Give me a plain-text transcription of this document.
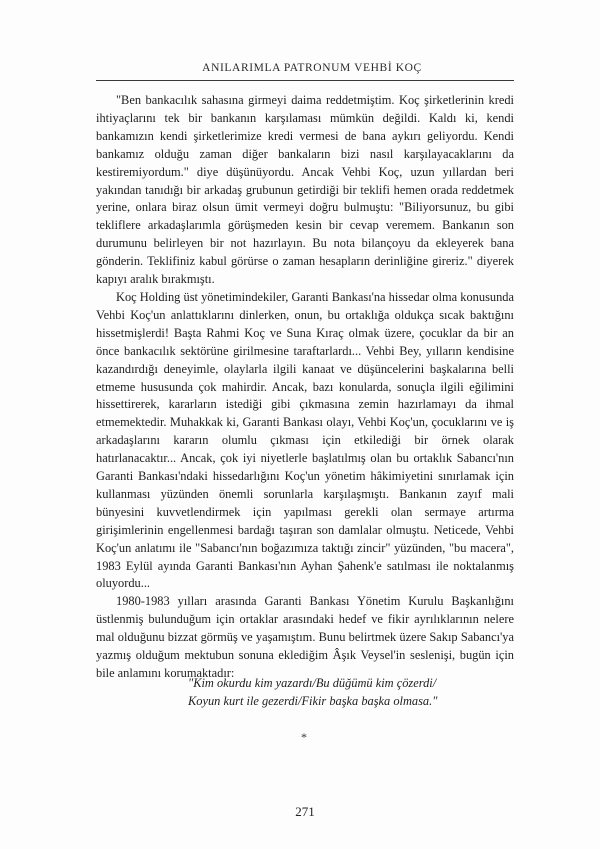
ANILARIMLA PATRONUM VEHBİ KOÇ

"Ben bankacılık sahasına girmeyi daima reddetmiştim. Koç şirketlerinin kredi ihtiyaçlarını tek bir bankanın karşılaması mümkün değildi. Kaldı ki, kendi bankamızın kendi şirketlerimize kredi vermesi de bana aykırı geliyordu. Kendi bankamız olduğu zaman diğer bankaların bizi nasıl karşılayacaklarını da kestiremiyordum." diye düşünüyordu. Ancak Vehbi Koç, uzun yıllardan beri yakından tanıdığı bir arkadaş grubunun getirdiği bir teklifi hemen orada reddetmek yerine, onlara biraz olsun ümit vermeyi doğru bulmuştu: "Biliyorsunuz, bu gibi tekliflere arkadaşlarımla görüşmeden kesin bir cevap veremem. Bankanın son durumunu belirleyen bir not hazırlayın. Bu nota bilançoyu da ekleyerek bana gönderin. Teklifiniz kabul görürse o zaman hesapların derinliğine gireriz." diyerek kapıyı aralık bırakmıştı.

Koç Holding üst yönetimindekiler, Garanti Bankası'na hissedar olma konusunda Vehbi Koç'un anlattıklarını dinlerken, onun, bu ortaklığa oldukça sıcak baktığını hissetmişlerdi! Başta Rahmi Koç ve Suna Kıraç olmak üzere, çocuklar da bir an önce bankacılık sektörüne girilmesine taraftarlardı... Vehbi Bey, yılların kendisine kazandırdığı deneyimle, olaylarla ilgili kanaat ve düşüncelerini başkalarına belli etmeme hususunda çok mahirdir. Ancak, bazı konularda, sonuçla ilgili eğilimini hissettirerek, kararların istediği gibi çıkmasına zemin hazırlamayı da ihmal etmemektedir. Muhakkak ki, Garanti Bankası olayı, Vehbi Koç'un, çocuklarını ve iş arkadaşlarını kararın olumlu çıkması için etkilediği bir örnek olarak hatırlanacaktır... Ancak, çok iyi niyetlerle başlatılmış olan bu ortaklık Sabancı'nın Garanti Bankası'ndaki hissedarlığını Koç'un yönetim hâkimiyetini sınırlamak için kullanması yüzünden önemli sorunlarla karşılaşmıştı. Bankanın zayıf mali bünyesini kuvvetlendirmek için yapılması gerekli olan sermaye artırma girişimlerinin engellenmesi bardağı taşıran son damlalar olmuştu. Neticede, Vehbi Koç'un anlatımı ile "Sabancı'nın boğazımıza taktığı zincir" yüzünden, "bu macera", 1983 Eylül ayında Garanti Bankası'nın Ayhan Şahenk'e satılması ile noktalanmış oluyordu...

1980-1983 yılları arasında Garanti Bankası Yönetim Kurulu Başkanlığını üstlenmiş bulunduğum için ortaklar arasındaki hedef ve fikir ayrılıklarının nelere mal olduğunu bizzat görmüş ve yaşamıştım. Bunu belirtmek üzere Sakıp Sabancı'ya yazmış olduğum mektubun sonuna eklediğim Âşık Veysel'in seslenişi, bugün için bile anlamını korumaktadır:

"Kim okurdu kim yazardı/Bu düğümü kim çözerdi/
Koyun kurt ile gezerdi/Fikir başka başka olmasa."
*
271
